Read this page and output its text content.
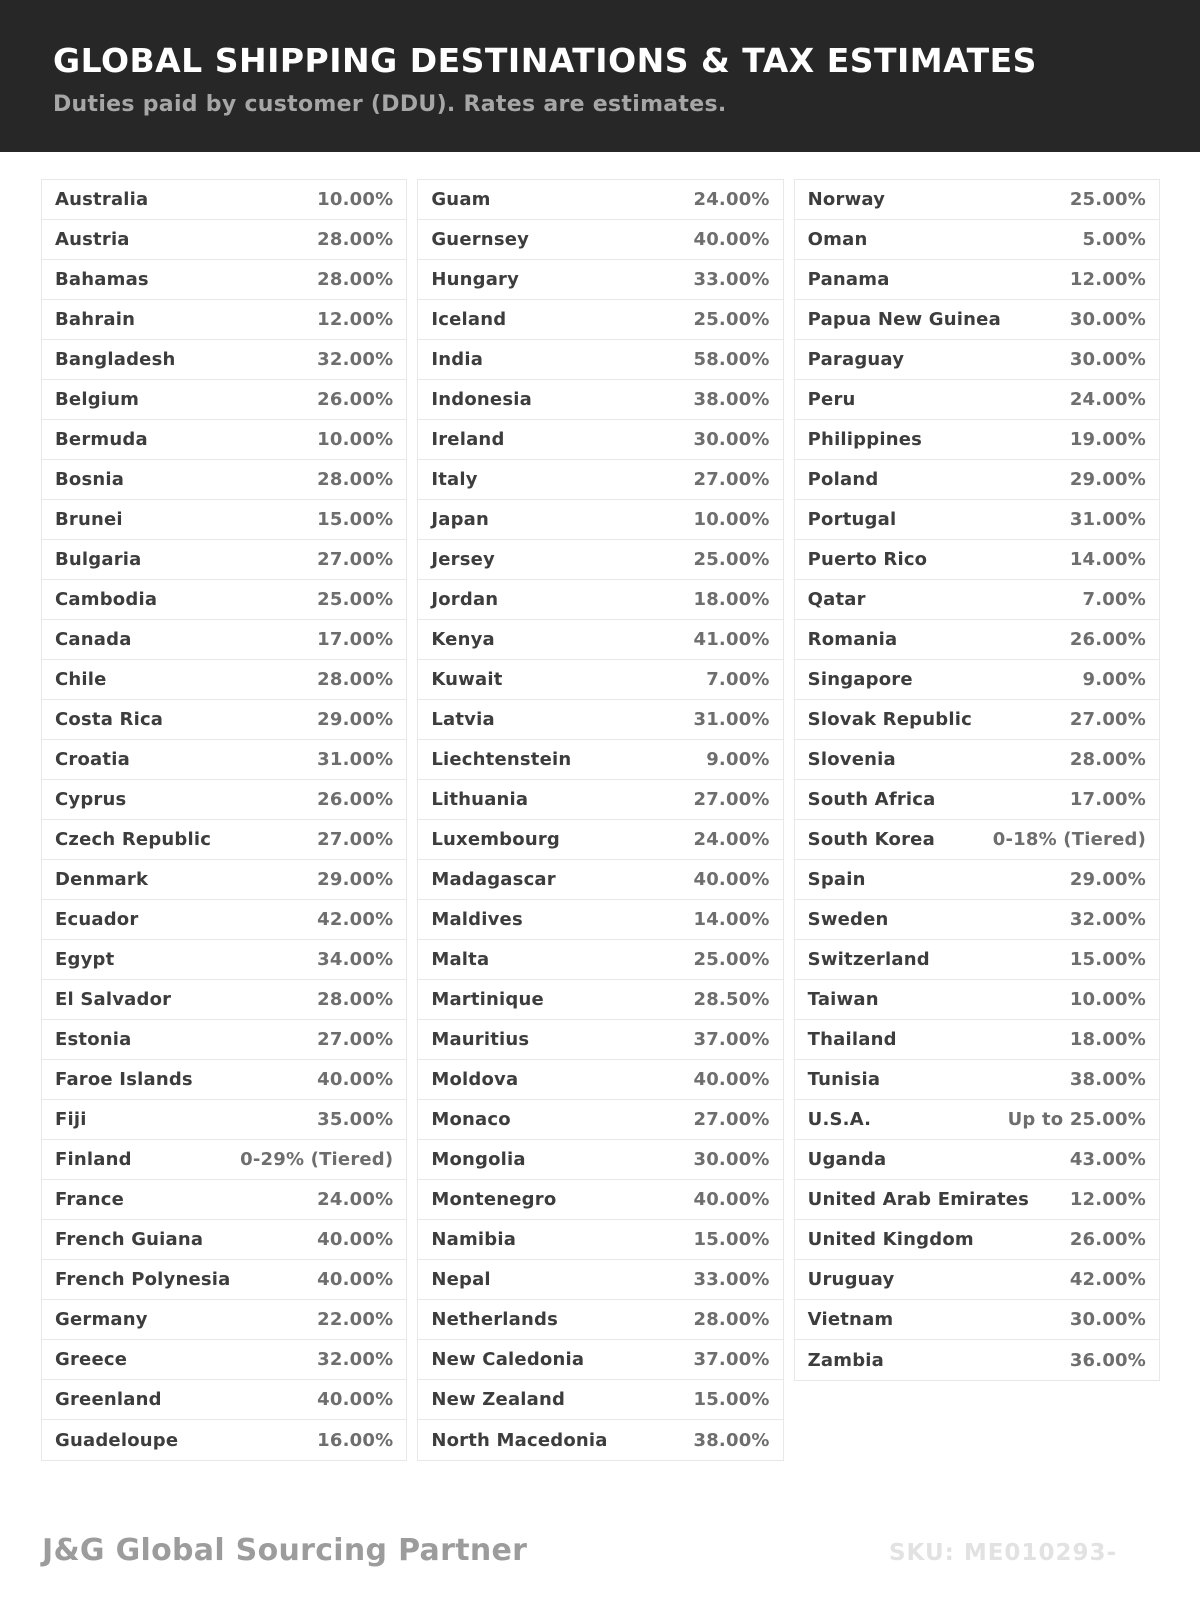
GLOBAL SHIPPING DESTINATIONS & TAX ESTIMATES
Duties paid by customer (DDU). Rates are estimates.
Australia	10.00%
Austria	28.00%
Bahamas	28.00%
Bahrain	12.00%
Bangladesh	32.00%
Belgium	26.00%
Bermuda	10.00%
Bosnia	28.00%
Brunei	15.00%
Bulgaria	27.00%
Cambodia	25.00%
Canada	17.00%
Chile	28.00%
Costa Rica	29.00%
Croatia	31.00%
Cyprus	26.00%
Czech Republic	27.00%
Denmark	29.00%
Ecuador	42.00%
Egypt	34.00%
El Salvador	28.00%
Estonia	27.00%
Faroe Islands	40.00%
Fiji	35.00%
Finland	0-29% (Tiered)
France	24.00%
French Guiana	40.00%
French Polynesia	40.00%
Germany	22.00%
Greece	32.00%
Greenland	40.00%
Guadeloupe	16.00%
Guam	24.00%
Guernsey	40.00%
Hungary	33.00%
Iceland	25.00%
India	58.00%
Indonesia	38.00%
Ireland	30.00%
Italy	27.00%
Japan	10.00%
Jersey	25.00%
Jordan	18.00%
Kenya	41.00%
Kuwait	7.00%
Latvia	31.00%
Liechtenstein	9.00%
Lithuania	27.00%
Luxembourg	24.00%
Madagascar	40.00%
Maldives	14.00%
Malta	25.00%
Martinique	28.50%
Mauritius	37.00%
Moldova	40.00%
Monaco	27.00%
Mongolia	30.00%
Montenegro	40.00%
Namibia	15.00%
Nepal	33.00%
Netherlands	28.00%
New Caledonia	37.00%
New Zealand	15.00%
North Macedonia	38.00%
Norway	25.00%
Oman	5.00%
Panama	12.00%
Papua New Guinea	30.00%
Paraguay	30.00%
Peru	24.00%
Philippines	19.00%
Poland	29.00%
Portugal	31.00%
Puerto Rico	14.00%
Qatar	7.00%
Romania	26.00%
Singapore	9.00%
Slovak Republic	27.00%
Slovenia	28.00%
South Africa	17.00%
South Korea	0-18% (Tiered)
Spain	29.00%
Sweden	32.00%
Switzerland	15.00%
Taiwan	10.00%
Thailand	18.00%
Tunisia	38.00%
U.S.A.	Up to 25.00%
Uganda	43.00%
United Arab Emirates 12.00%
United Kingdom	26.00%
Uruguay	42.00%
Vietnam	30.00%
Zambia	36.00%
J&G Global Sourcing Partner	SKU: ME010293-
